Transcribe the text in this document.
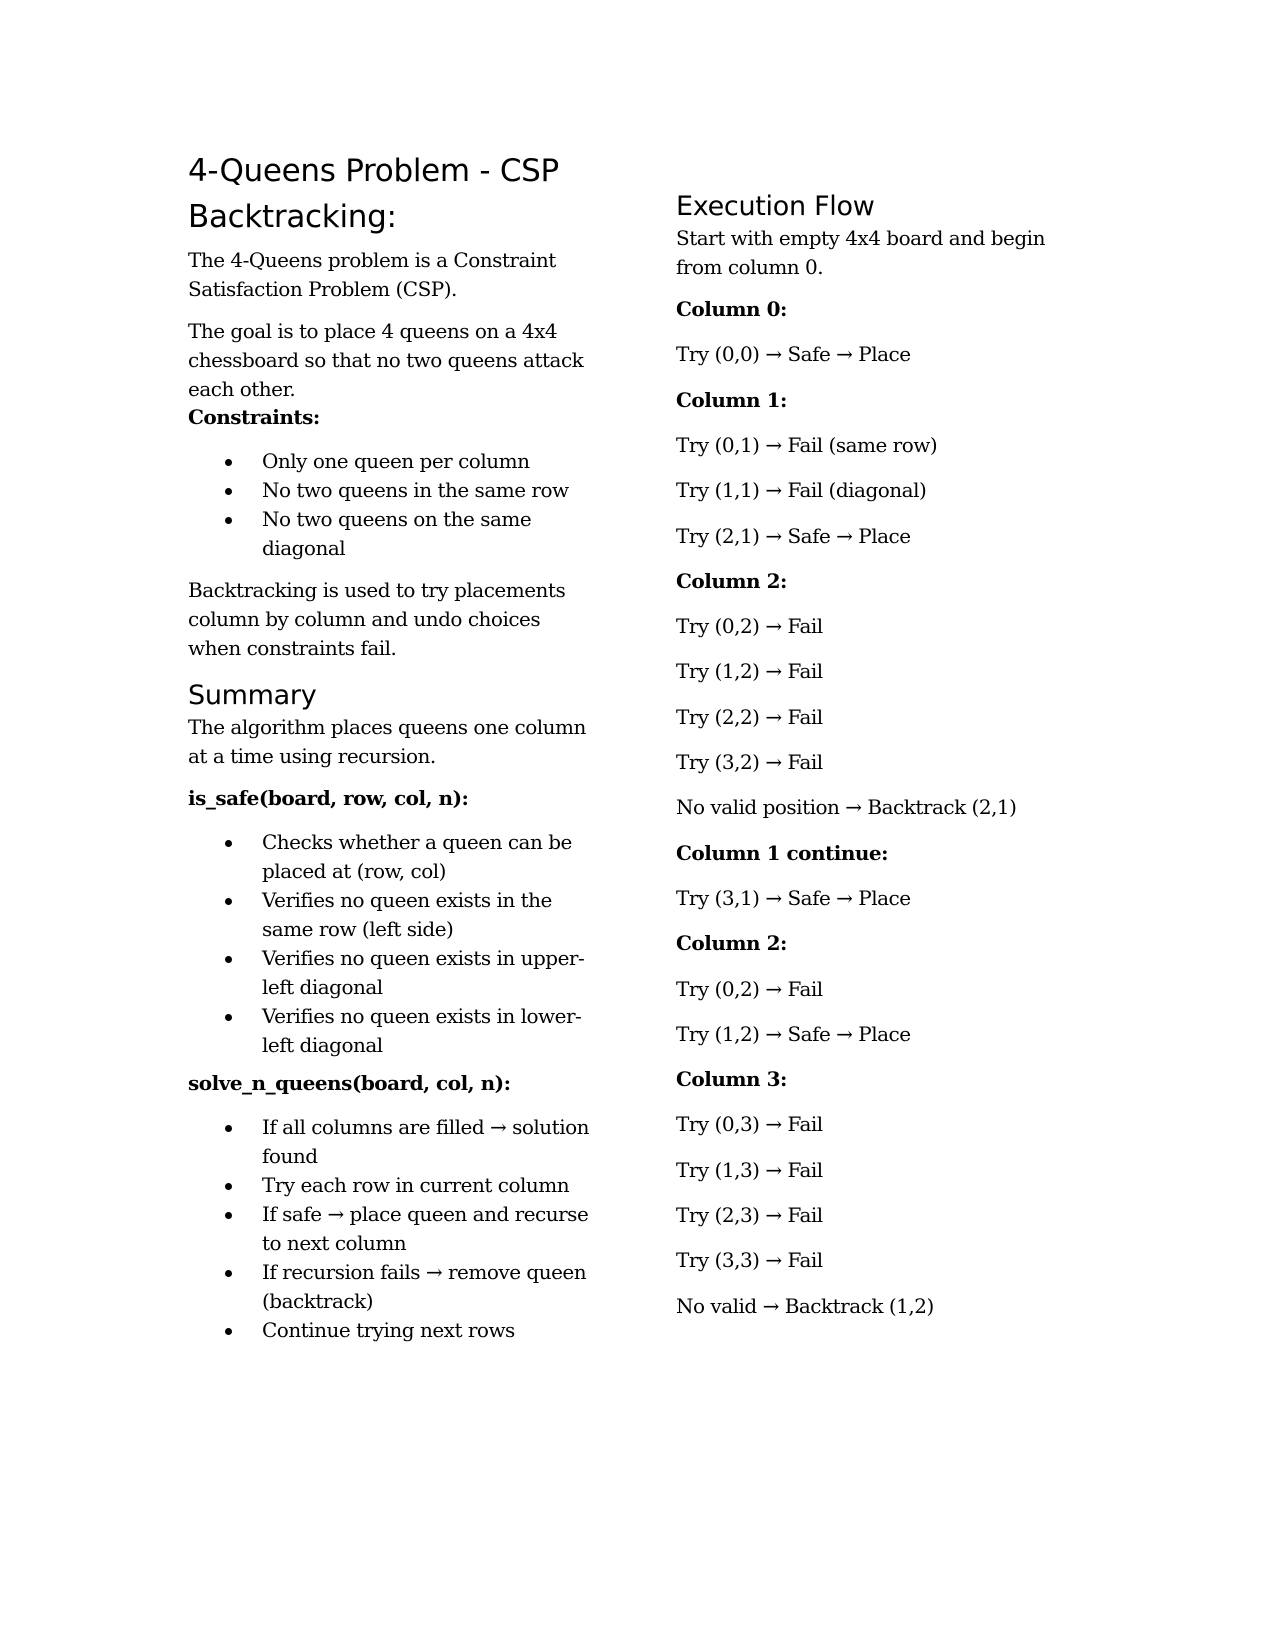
4-Queens Problem - CSP Backtracking:

The 4-Queens problem is a Constraint Satisfaction Problem (CSP).

The goal is to place 4 queens on a 4x4 chessboard so that no two queens attack each other.

Constraints:

Only one queen per column
No two queens in the same row
No two queens on the same diagonal

Backtracking is used to try placements column by column and undo choices when constraints fail.

Summary

The algorithm places queens one column at a time using recursion.

is_safe(board, row, col, n):

Checks whether a queen can be placed at (row, col)
Verifies no queen exists in the same row (left side)
Verifies no queen exists in upper-left diagonal
Verifies no queen exists in lower-left diagonal

solve_n_queens(board, col, n):

If all columns are filled → solution found
Try each row in current column
If safe → place queen and recurse to next column
If recursion fails → remove queen (backtrack)
Continue trying next rows
Execution Flow

Start with empty 4x4 board and begin from column 0.

Column 0:

Try (0,0) → Safe → Place

Column 1:

Try (0,1) → Fail (same row)

Try (1,1) → Fail (diagonal)

Try (2,1) → Safe → Place

Column 2:

Try (0,2) → Fail

Try (1,2) → Fail

Try (2,2) → Fail

Try (3,2) → Fail

No valid position → Backtrack (2,1)

Column 1 continue:

Try (3,1) → Safe → Place

Column 2:

Try (0,2) → Fail

Try (1,2) → Safe → Place

Column 3:

Try (0,3) → Fail

Try (1,3) → Fail

Try (2,3) → Fail

Try (3,3) → Fail

No valid → Backtrack (1,2)
